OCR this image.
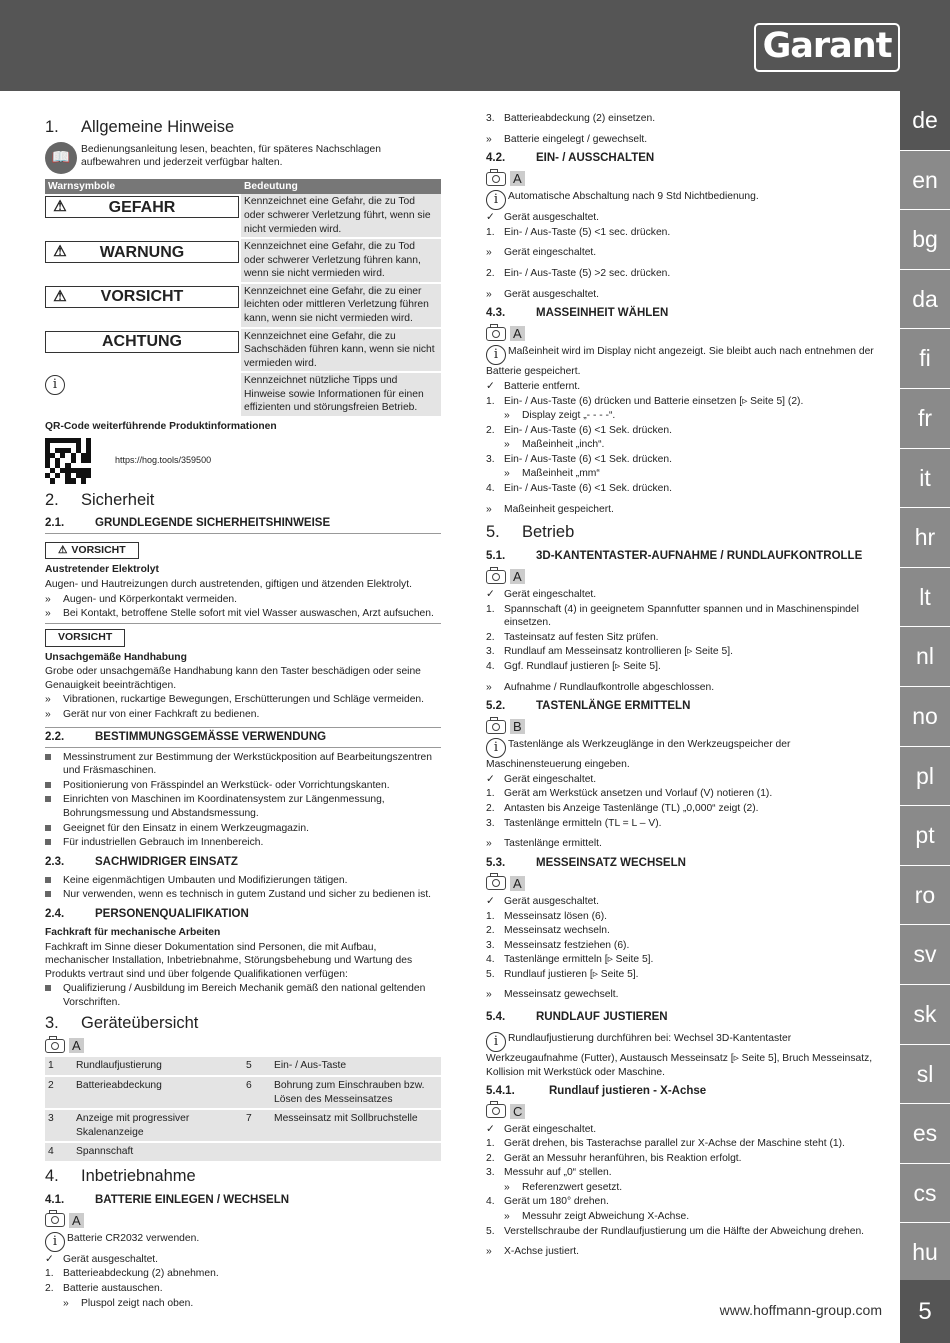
Garant
de
en
bg
da
fi
fr
it
hr
lt
nl
no
pl
pt
ro
sv
sk
sl
es
cs
hu
5
www.hoffmann-group.com
1.	Allgemeine Hinweise
📖	Bedienungsanleitung lesen, beachten, für späteres Nachschlagen aufbewahren und jederzeit verfügbar halten.

Warnsymbole	Bedeutung

⚠ GEFAHR	Kennzeichnet eine Gefahr, die zu Tod oder schwerer Verletzung führt, wenn sie nicht vermieden wird.

⚠ WARNUNG	Kennzeichnet eine Gefahr, die zu Tod oder schwerer Verletzung führen kann, wenn sie nicht vermieden wird.

⚠ VORSICHT	Kennzeichnet eine Gefahr, die zu einer leichten oder mittleren Verletzung führen kann, wenn sie nicht vermieden wird.

ACHTUNG	Kennzeichnet eine Gefahr, die zu Sachschäden führen kann, wenn sie nicht vermieden wird.
i	Kennzeichnet nützliche Tipps und Hinweise sowie Informationen für einen effizienten und störungsfreien Betrieb.

QR-Code weiterführende Produktinformationen

https://hog.tools/359500
2.	Sicherheit
2.1.	GRUNDLEGENDE SICHERHEITSHINWEISE
⚠ VORSICHT

Austretender Elektrolyt

Augen- und Hautreizungen durch austretenden, giftigen und ätzenden Elektrolyt.

»	Augen- und Körperkontakt vermeiden.
»	Bei Kontakt, betroffene Stelle sofort mit viel Wasser auswaschen, Arzt aufsuchen.
VORSICHT

Unsachgemäße Handhabung

Grobe oder unsachgemäße Handhabung kann den Taster beschädigen oder seine Genauigkeit beeinträchtigen.

»	Vibrationen, ruckartige Bewegungen, Erschütterungen und Schläge vermeiden.
»	Gerät nur von einer Fachkraft zu bedienen.
2.2.	BESTIMMUNGSGEMÄSSE VERWENDUNG
Messinstrument zur Bestimmung der Werkstückposition auf Bearbeitungszentren und Fräsmaschinen.
Positionierung von Frässpindel an Werkstück- oder Vorrichtungskanten.
Einrichten von Maschinen im Koordinatensystem zur Längenmessung, Bohrungsmessung und Abstandsmessung.
Geeignet für den Einsatz in einem Werkzeugmagazin.
Für industriellen Gebrauch im Innenbereich.
2.3.	SACHWIDRIGER EINSATZ
Keine eigenmächtigen Umbauten und Modifizierungen tätigen.
Nur verwenden, wenn es technisch in gutem Zustand und sicher zu bedienen ist.
2.4.	PERSONENQUALIFIKATION

Fachkraft für mechanische Arbeiten

Fachkraft im Sinne dieser Dokumentation sind Personen, die mit Aufbau, mechanischer Installation, Inbetriebnahme, Störungsbehebung und Wartung des Produkts vertraut sind und über folgende Qualifikationen verfügen:

Qualifizierung / Ausbildung im Bereich Mechanik gemäß den national geltenden Vorschriften.
3.	Geräteübersicht
A
1	Rundlaufjustierung	5	Ein- / Aus-Taste
2	Batterieabdeckung	6	Bohrung zum Einschrauben bzw. Lösen des Messeinsatzes
3	Anzeige mit progressiver Skalenanzeige	7	Messeinsatz mit Sollbruchstelle
4	Spannschaft		
4.	Inbetriebnahme
4.1.	BATTERIE EINLEGEN / WECHSELN
A

i Batterie CR2032 verwenden.

✓ Gerät ausgeschaltet.
1. Batterieabdeckung (2) abnehmen.
2. Batterie austauschen.
»	Pluspol zeigt nach oben.
3. Batterieabdeckung (2) einsetzen.
»	Batterie eingelegt / gewechselt.
4.2.	EIN- / AUSSCHALTEN
A

i Automatische Abschaltung nach 9 Std Nichtbedienung.

✓ Gerät ausgeschaltet.
1. Ein- / Aus-Taste (5) <1 sec. drücken.
»	Gerät eingeschaltet.
2. Ein- / Aus-Taste (5) >2 sec. drücken.
»	Gerät ausgeschaltet.
4.3.	MASSEINHEIT WÄHLEN
A

i Maßeinheit wird im Display nicht angezeigt. Sie bleibt auch nach entnehmen der Batterie gespeichert.

✓ Batterie entfernt.
1. Ein- / Aus-Taste (6) drücken und Batterie einsetzen [▹ Seite 5] (2).
»	Display zeigt „- - - -“.
2. Ein- / Aus-Taste (6) <1 Sek. drücken.
»	Maßeinheit „inch“.
3. Ein- / Aus-Taste (6) <1 Sek. drücken.
»	Maßeinheit „mm“
4. Ein- / Aus-Taste (6) <1 Sek. drücken.
»	Maßeinheit gespeichert.
5.	Betrieb
5.1.	3D-KANTENTASTER-AUFNAHME / RUNDLAUFKONTROLLE
A
✓ Gerät eingeschaltet.
1. Spannschaft (4) in geeignetem Spannfutter spannen und in Maschinenspindel einsetzen.
2. Tasteinsatz auf festen Sitz prüfen.
3. Rundlauf am Messeinsatz kontrollieren [▹ Seite 5].
4. Ggf. Rundlauf justieren [▹ Seite 5].
»	Aufnahme / Rundlaufkontrolle abgeschlossen.
5.2.	TASTENLÄNGE ERMITTELN
B

i Tastenlänge als Werkzeuglänge in den Werkzeugspeicher der Maschinensteuerung eingeben.

✓ Gerät eingeschaltet.
1. Gerät am Werkstück ansetzen und Vorlauf (V) notieren (1).
2. Antasten bis Anzeige Tastenlänge (TL) „0,000“ zeigt (2).
3. Tastenlänge ermitteln (TL = L – V).
»	Tastenlänge ermittelt.
5.3.	MESSEINSATZ WECHSELN
A
✓ Gerät ausgeschaltet.
1. Messeinsatz lösen (6).
2. Messeinsatz wechseln.
3. Messeinsatz festziehen (6).
4. Tastenlänge ermitteln [▹ Seite 5].
5. Rundlauf justieren [▹ Seite 5].
»	Messeinsatz gewechselt.
5.4.	RUNDLAUF JUSTIEREN

i Rundlaufjustierung durchführen bei: Wechsel 3D-Kantentaster Werkzeugaufnahme (Futter), Austausch Messeinsatz [▹ Seite 5], Bruch Messeinsatz, Kollision mit Werkstück oder Maschine.

5.4.1.	Rundlauf justieren - X-Achse
C
✓ Gerät eingeschaltet.
1. Gerät drehen, bis Tasterachse parallel zur X-Achse der Maschine steht (1).
2. Gerät an Messuhr heranführen, bis Reaktion erfolgt.
3. Messuhr auf „0“ stellen.
»	Referenzwert gesetzt.
4. Gerät um 180° drehen.
»	Messuhr zeigt Abweichung X-Achse.
5. Verstellschraube der Rundlaufjustierung um die Hälfte der Abweichung drehen.
»	X-Achse justiert.
